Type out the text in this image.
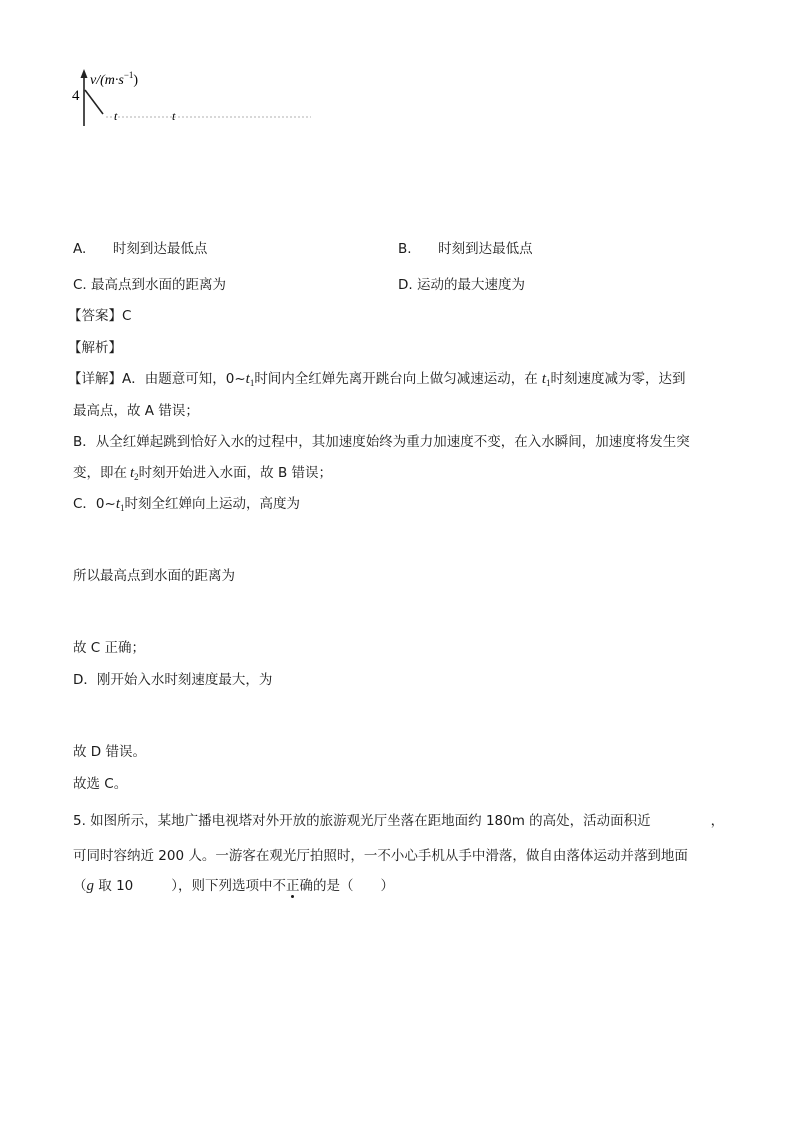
4
$v/(m\cdot s^{-1})$
t	t
A. 时刻到达最低点	B. 时刻到达最低点
C. 最高点到水面的距离为	D. 运动的最大速度为
【答案】C
【解析】
【详解】A．由题意可知，$0\sim t_1$时间内全红婵先离开跳台向上做匀减速运动，在 $t_1$时刻速度减为零，达到
最高点，故 A 错误；
B．从全红婵起跳到恰好入水的过程中，其加速度始终为重力加速度不变，在入水瞬间，加速度将发生突
变，即在 $t_2$时刻开始进入水面，故 B 错误；
C．$0\sim t_1$时刻全红婵向上运动，高度为
所以最高点到水面的距离为
故 C 正确；
D．刚开始入水时刻速度最大，为
故 D 错误。
故选 C。
5. 如图所示，某地广播电视塔对外开放的旅游观光厅坐落在距地面约 180m 的高处，活动面积近	，
可同时容纳近 200 人。一游客在观光厅拍照时，一不小心手机从手中滑落，做自由落体运动并落到地面
（g 取 10	），则下列选项中不正确的是（　　）
